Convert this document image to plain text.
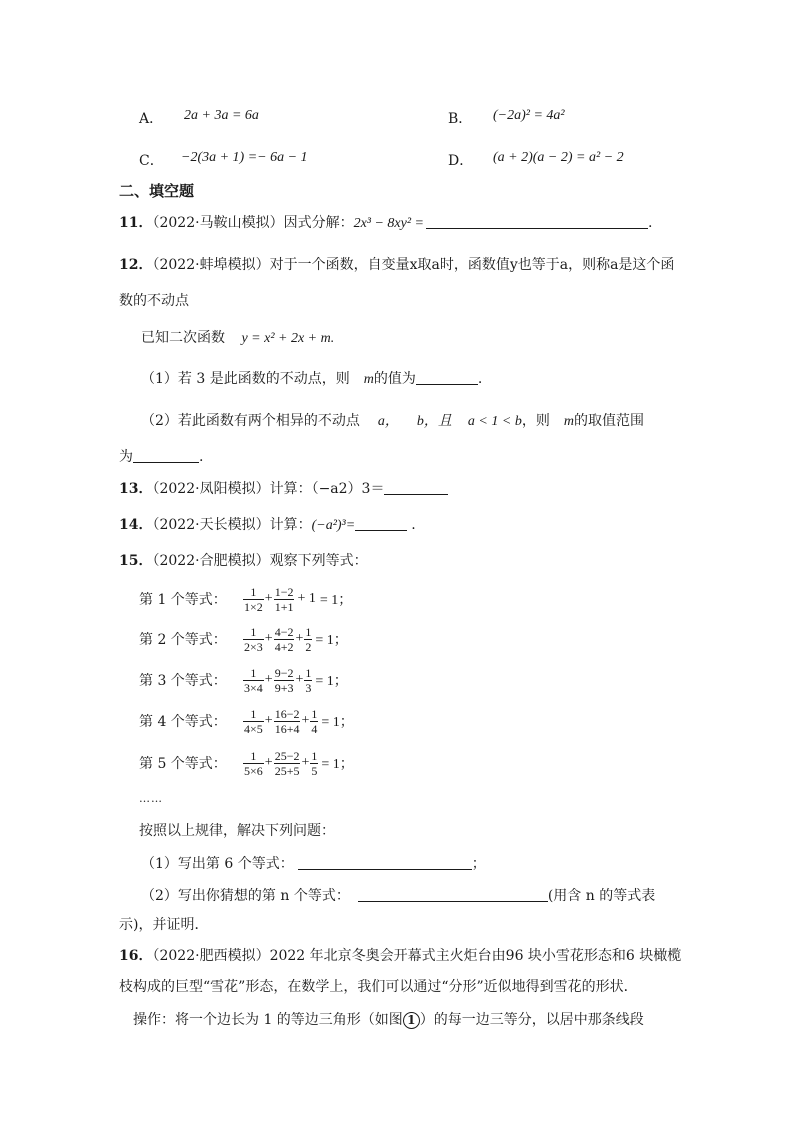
A． 2a + 3a = 6a	B． (−2a)² = 4a²
C． −2(3a + 1) =− 6a − 1	D． (a + 2)(a − 2) = a² − 2
二、填空题
11．（2022·马鞍山模拟）因式分解：2x³ − 8xy² =	.
12．（2022·蚌埠模拟）对于一个函数，自变量x取a时，函数值y也等于a，则称a是这个函
数的不动点
已知二次函数 y = x² + 2x + m.
（1）若 3 是此函数的不动点，则 m的值为	.
（2）若此函数有两个相异的不动点 a， b，且 a < 1 < b，则 m的取值范围
为	.
13．（2022·凤阳模拟）计算：（−a2）3＝
14．（2022·天长模拟）计算：(−a²)³=	.
15．（2022·合肥模拟）观察下列等式：
第 1 个等式：	$\frac{1}{1\times 2} + \frac{1-2}{1+1} + 1 = 1$；
第 2 个等式：	$\frac{1}{2\times 3} + \frac{4-2}{4+2} + \frac{1}{2} = 1$；
第 3 个等式：	$\frac{1}{3\times 4} + \frac{9-2}{9+3} + \frac{1}{3} = 1$；
第 4 个等式：	$\frac{1}{4\times 5} + \frac{16-2}{16+4} + \frac{1}{4} = 1$；
第 5 个等式：	$\frac{1}{5\times 6} + \frac{25-2}{25+5} + \frac{1}{5} = 1$；
……
按照以上规律，解决下列问题：
（1）写出第 6 个等式：	；
（2）写出你猜想的第 n 个等式：	(用含 n 的等式表
示)，并证明．
16．（2022·肥西模拟）2022 年北京冬奥会开幕式主火炬台由96 块小雪花形态和6 块橄榄
枝构成的巨型“雪花”形态，在数学上，我们可以通过“分形”近似地得到雪花的形状．
操作：将一个边长为 1 的等边三角形（如图 1 ）的每一边三等分，以居中那条线段
